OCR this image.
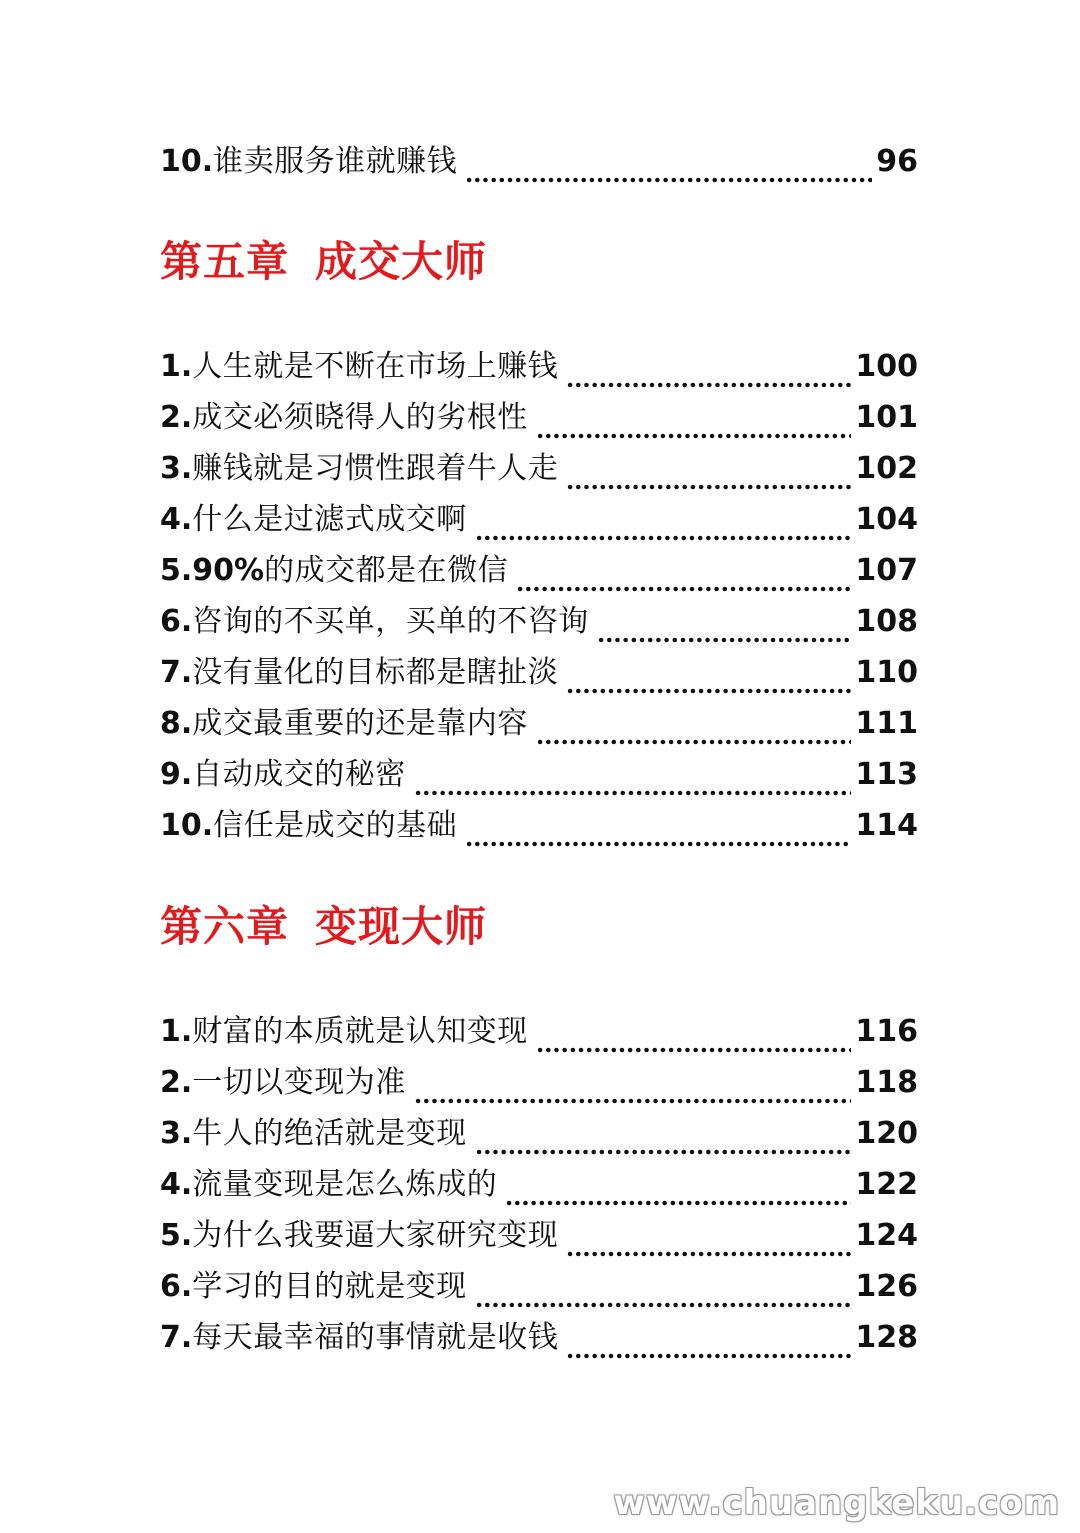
10.谁卖服务谁就赚钱	96
第五章 成交大师
1.人生就是不断在市场上赚钱	100
2.成交必须晓得人的劣根性	101
3.赚钱就是习惯性跟着牛人走	102
4.什么是过滤式成交啊	104
5.90%的成交都是在微信	107
6.咨询的不买单，买单的不咨询	108
7.没有量化的目标都是瞎扯淡	110
8.成交最重要的还是靠内容	111
9.自动成交的秘密	113
10.信任是成交的基础	114
第六章 变现大师
1.财富的本质就是认知变现	116
2.一切以变现为准	118
3.牛人的绝活就是变现	120
4.流量变现是怎么炼成的	122
5.为什么我要逼大家研究变现	124
6.学习的目的就是变现	126
7.每天最幸福的事情就是收钱	128
www.chuangkeku.com
